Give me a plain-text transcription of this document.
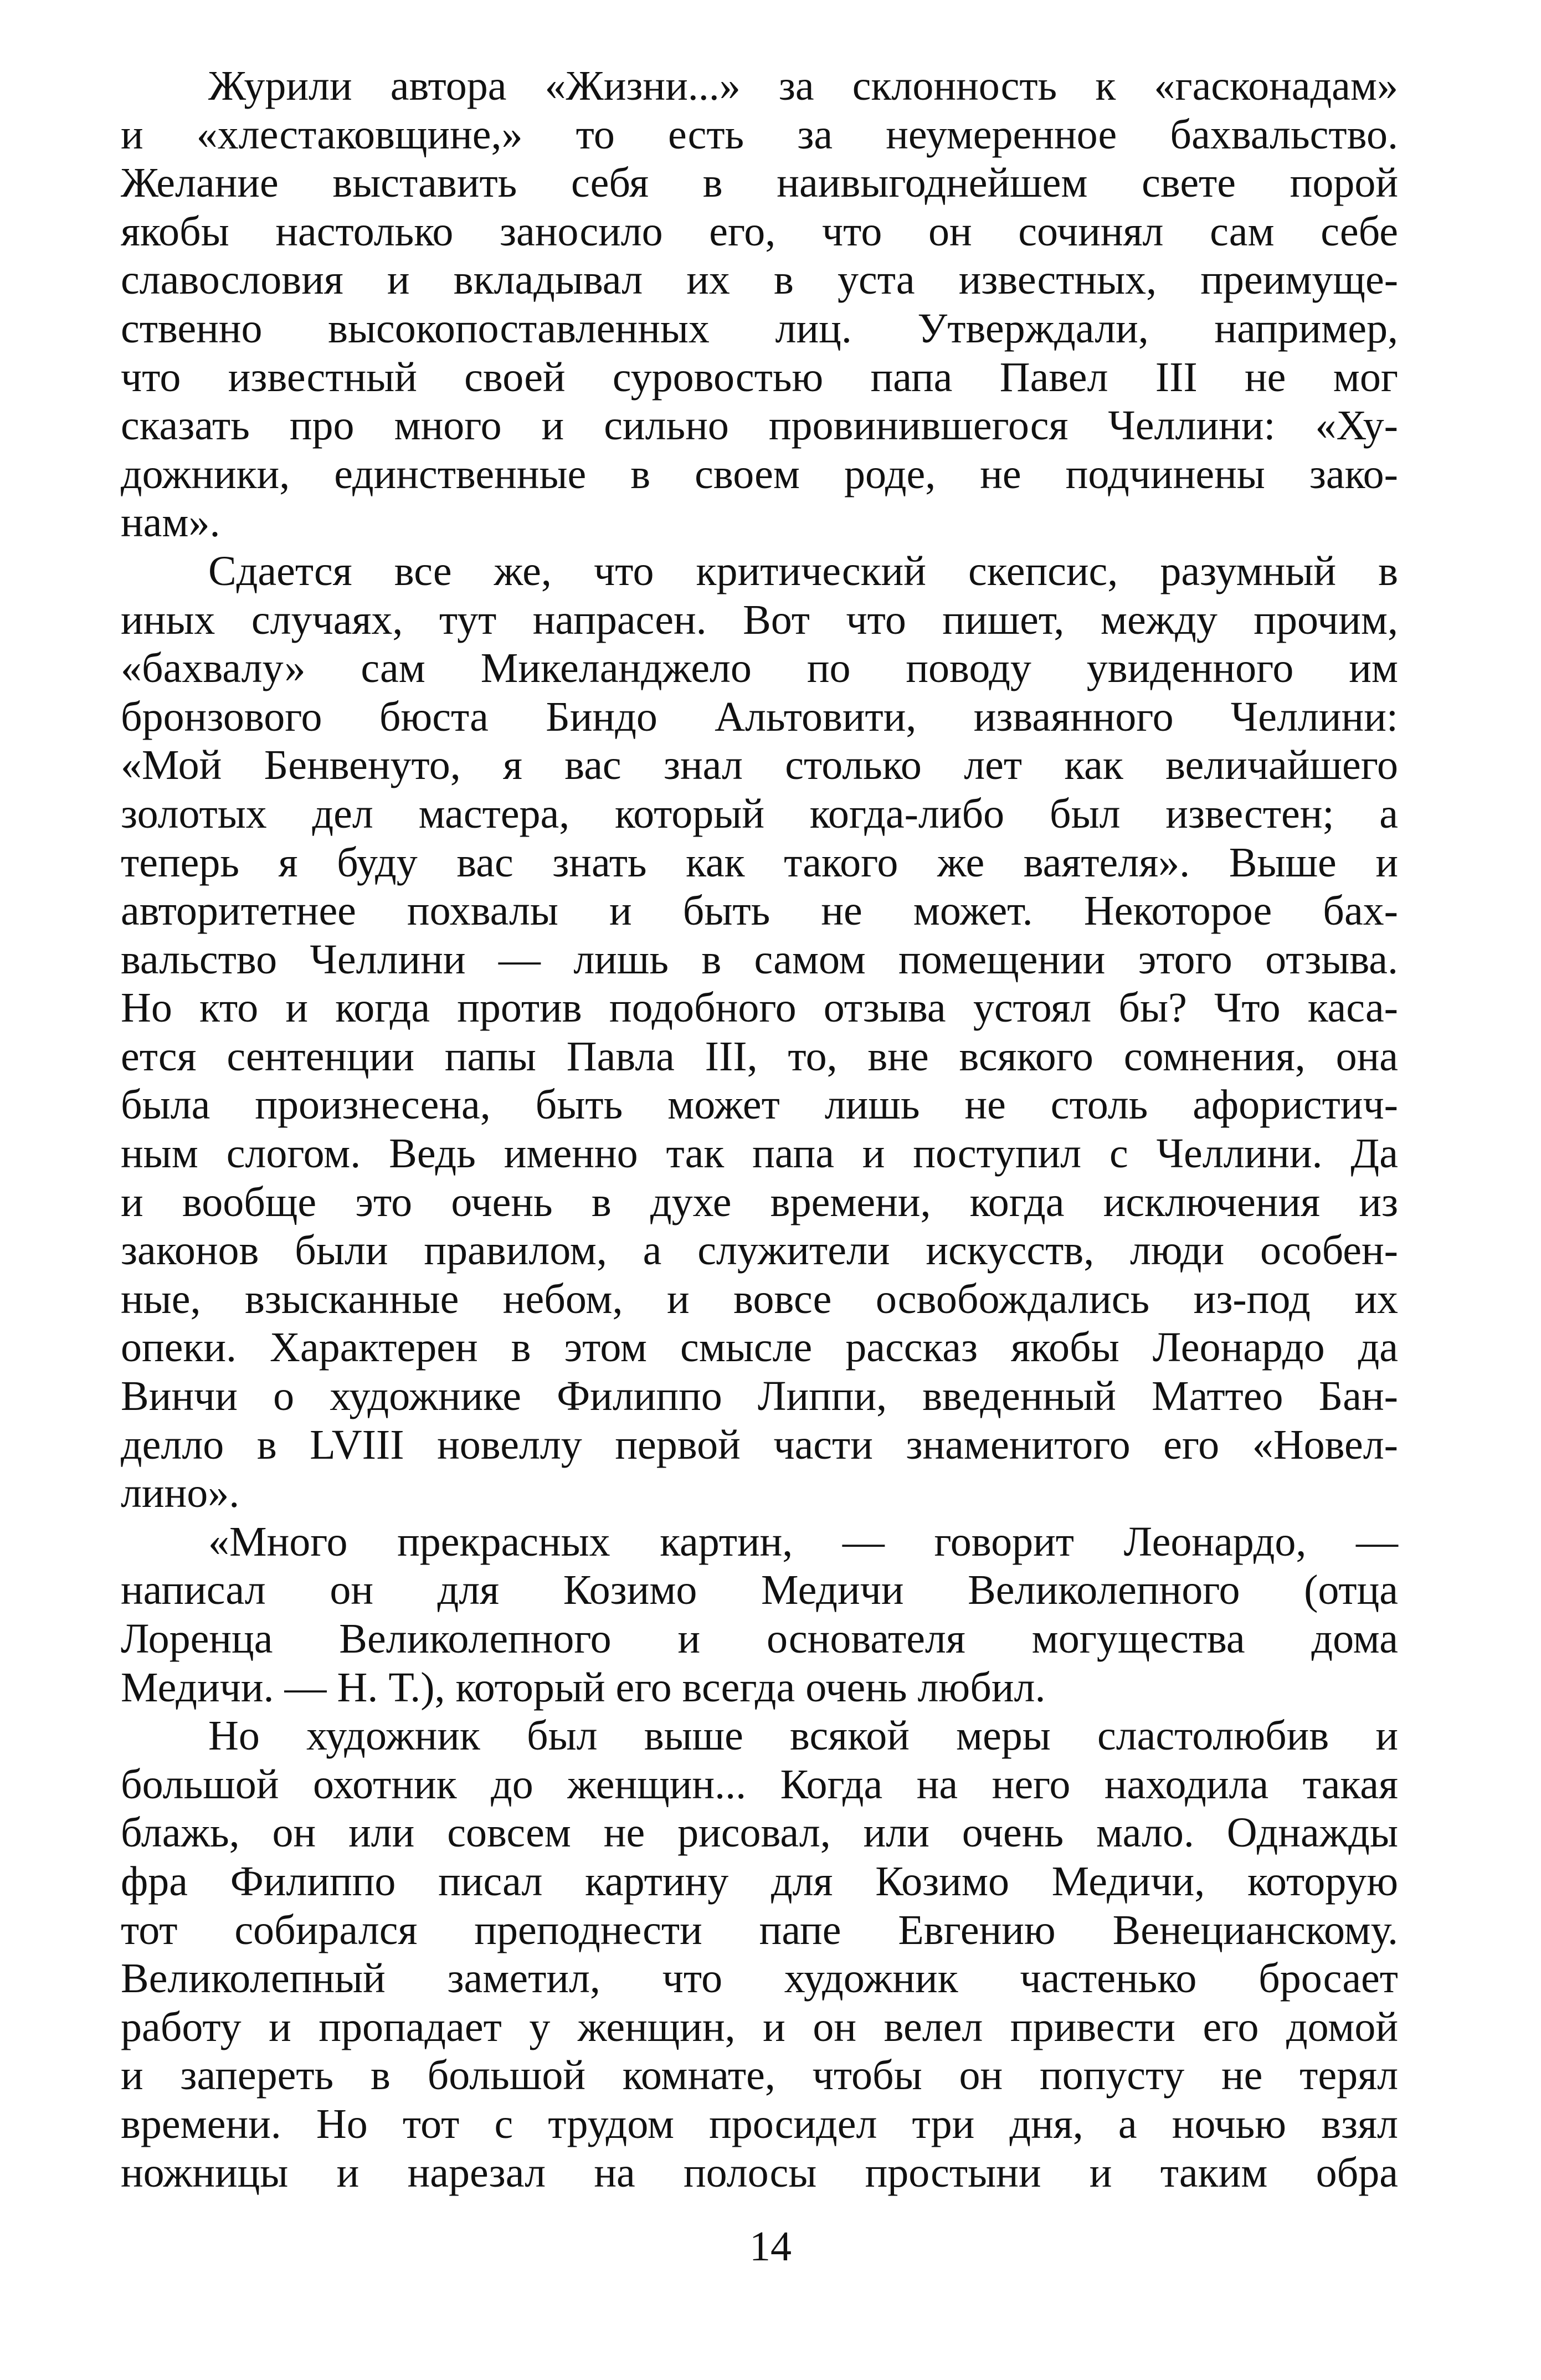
Журили автора «Жизни...» за склонность к «гасконадам»
и «хлестаковщине,» то есть за неумеренное бахвальство.
Желание выставить себя в наивыгоднейшем свете порой
якобы настолько заносило его, что он сочинял сам себе
славословия и вкладывал их в уста известных, преимуще-
ственно высокопоставленных лиц. Утверждали, например,
что известный своей суровостью папа Павел III не мог
сказать про много и сильно провинившегося Челлини: «Ху-
дожники, единственные в своем роде, не подчинены зако-
нам».
Сдается все же, что критический скепсис, разумный в
иных случаях, тут напрасен. Вот что пишет, между прочим,
«бахвалу» сам Микеланджело по поводу увиденного им
бронзового бюста Биндо Альтовити, изваянного Челлини:
«Мой Бенвенуто, я вас знал столько лет как величайшего
золотых дел мастера, который когда-либо был известен; а
теперь я буду вас знать как такого же ваятеля». Выше и
авторитетнее похвалы и быть не может. Некоторое бах-
вальство Челлини — лишь в самом помещении этого отзыва.
Но кто и когда против подобного отзыва устоял бы? Что каса-
ется сентенции папы Павла III, то, вне всякого сомнения, она
была произнесена, быть может лишь не столь афористич-
ным слогом. Ведь именно так папа и поступил с Челлини. Да
и вообще это очень в духе времени, когда исключения из
законов были правилом, а служители искусств, люди особен-
ные, взысканные небом, и вовсе освобождались из-под их
опеки. Характерен в этом смысле рассказ якобы Леонардо да
Винчи о художнике Филиппо Липпи, введенный Маттео Бан-
делло в LVIII новеллу первой части знаменитого его «Новел-
лино».
«Много прекрасных картин, — говорит Леонардо, —
написал он для Козимо Медичи Великолепного (отца
Лоренца Великолепного и основателя могущества дома
Медичи. — Н. Т.), который его всегда очень любил.
Но художник был выше всякой меры сластолюбив и
большой охотник до женщин... Когда на него находила такая
блажь, он или совсем не рисовал, или очень мало. Однажды
фра Филиппо писал картину для Козимо Медичи, которую
тот собирался преподнести папе Евгению Венецианскому.
Великолепный заметил, что художник частенько бросает
работу и пропадает у женщин, и он велел привести его домой
и запереть в большой комнате, чтобы он попусту не терял
времени. Но тот с трудом просидел три дня, а ночью взял
ножницы и нарезал на полосы простыни и таким обра
14
